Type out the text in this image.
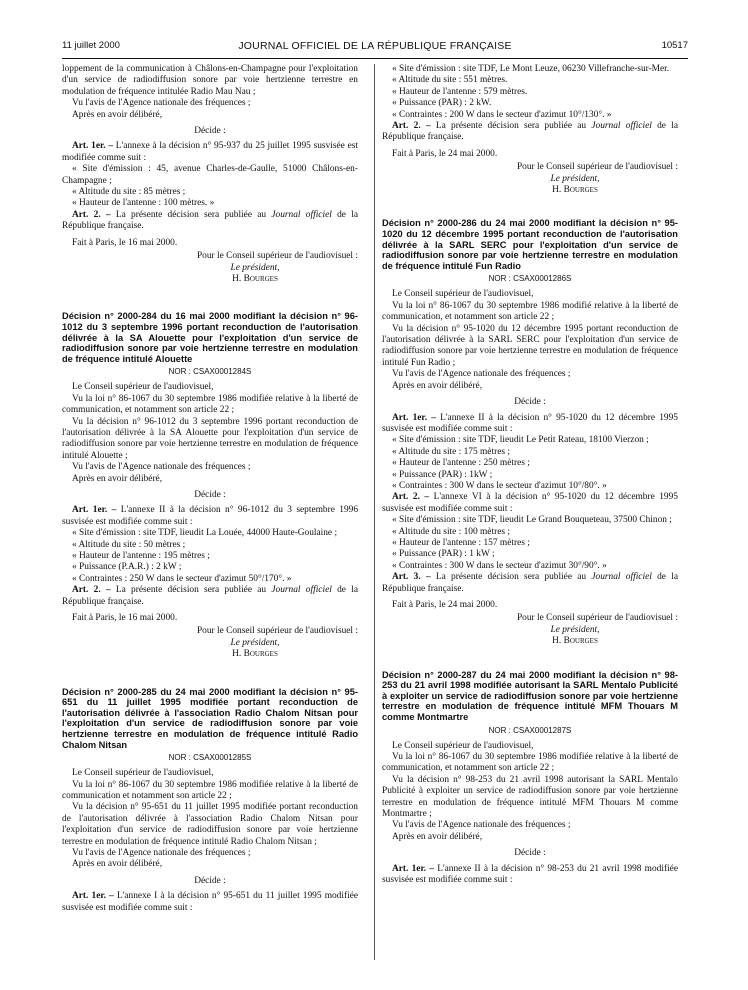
11 juillet 2000	JOURNAL OFFICIEL DE LA RÉPUBLIQUE FRANÇAISE	10517

loppement de la communication à Châlons-en-Champagne pour l'exploitation d'un service de radiodiffusion sonore par voie hertzienne terrestre en modulation de fréquence intitulée Radio Mau Nau ;

Vu l'avis de l'Agence nationale des fréquences ;

Après en avoir délibéré,

Décide :

Art. 1er. – L'annexe à la décision n° 95-937 du 25 juillet 1995 susvisée est modifiée comme suit :

« Site d'émission : 45, avenue Charles-de-Gaulle, 51000 Châlons-en-Champagne ;

« Altitude du site : 85 mètres ;

« Hauteur de l'antenne : 100 mètres. »

Art. 2. – La présente décision sera publiée au Journal officiel de la République française.

Fait à Paris, le 16 mai 2000.

Pour le Conseil supérieur de l'audiovisuel :
Le président,
H. Bourges

Décision n° 2000-284 du 16 mai 2000 modifiant la décision n° 96-1012 du 3 septembre 1996 portant reconduction de l'autorisation délivrée à la SA Alouette pour l'exploitation d'un service de radiodiffusion sonore par voie hertzienne terrestre en modulation de fréquence intitulé Alouette

NOR : CSAX0001284S

Le Conseil supérieur de l'audiovisuel,

Vu la loi n° 86-1067 du 30 septembre 1986 modifiée relative à la liberté de communication, et notamment son article 22 ;

Vu la décision n° 96-1012 du 3 septembre 1996 portant reconduction de l'autorisation délivrée à la SA Alouette pour l'exploitation d'un service de radiodiffusion sonore par voie hertzienne terrestre en modulation de fréquence intitulé Alouette ;

Vu l'avis de l'Agence nationale des fréquences ;

Après en avoir délibéré,

Décide :

Art. 1er. – L'annexe II à la décision n° 96-1012 du 3 septembre 1996 susvisée est modifiée comme suit :

« Site d'émission : site TDF, lieudit La Louée, 44000 Haute-Goulaine ;

« Altitude du site : 50 mètres ;

« Hauteur de l'antenne : 195 mètres ;

« Puissance (P.A.R.) : 2 kW ;

« Contraintes : 250 W dans le secteur d'azimut 50°/170°. »

Art. 2. – La présente décision sera publiée au Journal officiel de la République française.

Fait à Paris, le 16 mai 2000.

Pour le Conseil supérieur de l'audiovisuel :
Le président,
H. Bourges

Décision n° 2000-285 du 24 mai 2000 modifiant la décision n° 95-651 du 11 juillet 1995 modifiée portant reconduction de l'autorisation délivrée à l'association Radio Chalom Nitsan pour l'exploitation d'un service de radiodiffusion sonore par voie hertzienne terrestre en modulation de fréquence intitulé Radio Chalom Nitsan

NOR : CSAX0001285S

Le Conseil supérieur de l'audiovisuel,

Vu la loi n° 86-1067 du 30 septembre 1986 modifiée relative à la liberté de communication et notamment son article 22 ;

Vu la décision n° 95-651 du 11 juillet 1995 modifiée portant reconduction de l'autorisation délivrée à l'association Radio Chalom Nitsan pour l'exploitation d'un service de radiodiffusion sonore par voie hertzienne terrestre en modulation de fréquence intitulé Radio Chalom Nitsan ;

Vu l'avis de l'Agence nationale des fréquences ;

Après en avoir délibéré,

Décide :

Art. 1er. – L'annexe I à la décision n° 95-651 du 11 juillet 1995 modifiée susvisée est modifiée comme suit :

« Site d'émission : site TDF, Le Mont Leuze, 06230 Villefranche-sur-Mer.

« Altitude du site : 551 mètres.

« Hauteur de l'antenne : 579 mètres.

« Puissance (PAR) : 2 kW.

« Contraintes : 200 W dans le secteur d'azimut 10°/130°. »

Art. 2. – La présente décision sera publiée au Journal officiel de la République française.

Fait à Paris, le 24 mai 2000.

Pour le Conseil supérieur de l'audiovisuel :
Le président,
H. Bourges

Décision n° 2000-286 du 24 mai 2000 modifiant la décision n° 95-1020 du 12 décembre 1995 portant reconduction de l'autorisation délivrée à la SARL SERC pour l'exploitation d'un service de radiodiffusion sonore par voie hertzienne terrestre en modulation de fréquence intitulé Fun Radio

NOR : CSAX0001286S

Le Conseil supérieur de l'audiovisuel,

Vu la loi n° 86-1067 du 30 septembre 1986 modifié relative à la liberté de communication, et notamment son article 22 ;

Vu la décision n° 95-1020 du 12 décembre 1995 portant reconduction de l'autorisation délivrée à la SARL SERC pour l'exploitation d'un service de radiodiffusion sonore par voie hertzienne terrestre en modulation de fréquence intitulé Fun Radio ;

Vu l'avis de l'Agence nationale des fréquences ;

Après en avoir délibéré,

Décide :

Art. 1er. – L'annexe II à la décision n° 95-1020 du 12 décembre 1995 susvisée est modifiée comme suit :

« Site d'émission : site TDF, lieudit Le Petit Rateau, 18100 Vierzon ;

« Altitude du site : 175 mètres ;

« Hauteur de l'antenne : 250 mètres ;

« Puissance (PAR) : 1kW ;

« Contraintes : 300 W dans le secteur d'azimut 10°/80°. »

Art. 2. – L'annexe VI à la décision n° 95-1020 du 12 décembre 1995 susvisée est modifiée comme suit :

« Site d'émission : site TDF, lieudit Le Grand Bouqueteau, 37500 Chinon ;

« Altitude du site : 100 mètres ;

« Hauteur de l'antenne : 157 mètres ;

« Puissance (PAR) : 1 kW ;

« Contraintes : 300 W dans le secteur d'azimut 30°/90°. »

Art. 3. – La présente décision sera publiée au Journal officiel de la République française.

Fait à Paris, le 24 mai 2000.

Pour le Conseil supérieur de l'audiovisuel :
Le président,
H. Bourges

Décision n° 2000-287 du 24 mai 2000 modifiant la décision n° 98-253 du 21 avril 1998 modifiée autorisant la SARL Mentalo Publicité à exploiter un service de radiodiffusion sonore par voie hertzienne terrestre en modulation de fréquence intitulé MFM Thouars M comme Montmartre

NOR : CSAX0001287S

Le Conseil supérieur de l'audiovisuel,

Vu la loi n° 86-1067 du 30 septembre 1986 modifiée relative à la liberté de communication, et notamment son article 22 ;

Vu la décision n° 98-253 du 21 avril 1998 autorisant la SARL Mentalo Publicité à exploiter un service de radiodiffusion sonore par voie hertzienne terrestre en modulation de fréquence intitulé MFM Thouars M comme Montmartre ;

Vu l'avis de l'Agence nationale des fréquences ;

Après en avoir délibéré,

Décide :

Art. 1er. – L'annexe II à la décision n° 98-253 du 21 avril 1998 modifiée susvisée est modifiée comme suit :
